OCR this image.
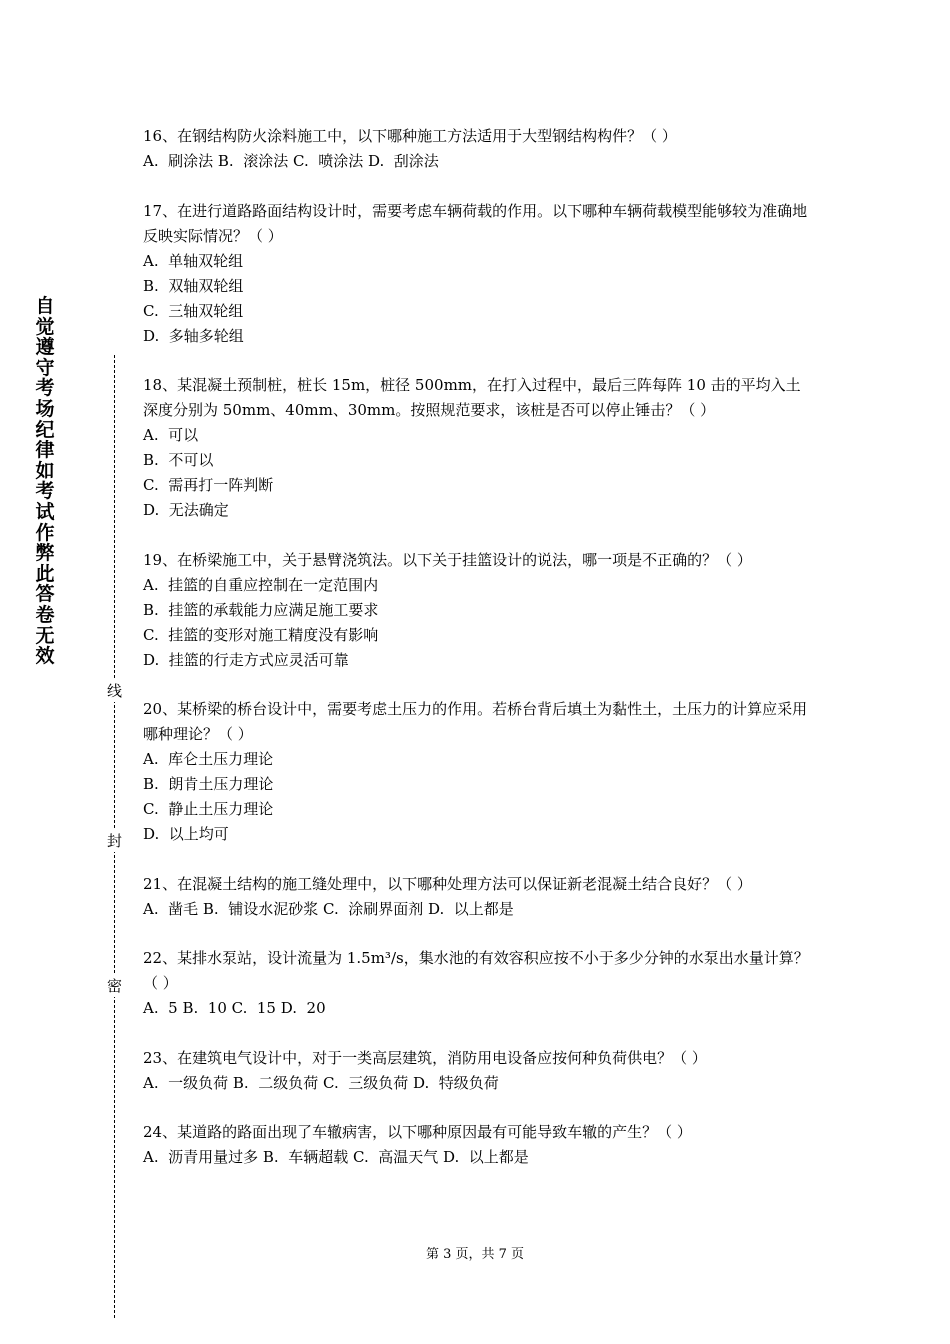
自
觉
遵
守
考
场
纪
律
如
考
试
作
弊
此
答
卷
无
效
线
封
密
16、在钢结构防火涂料施工中，以下哪种施工方法适用于大型钢结构构件？（ ）
A.  刷涂法 B.  滚涂法 C.  喷涂法 D.  刮涂法
17、在进行道路路面结构设计时，需要考虑车辆荷载的作用。以下哪种车辆荷载模型能够较为准确地反映实际情况？（ ）
A.  单轴双轮组
B.  双轴双轮组
C.  三轴双轮组
D.  多轴多轮组
18、某混凝土预制桩，桩长 15m，桩径 500mm，在打入过程中，最后三阵每阵 10 击的平均入土深度分别为 50mm、40mm、30mm。按照规范要求，该桩是否可以停止锤击？（ ）
A.  可以
B.  不可以
C.  需再打一阵判断
D.  无法确定
19、在桥梁施工中，关于悬臂浇筑法。以下关于挂篮设计的说法，哪一项是不正确的？（ ）
A.  挂篮的自重应控制在一定范围内
B.  挂篮的承载能力应满足施工要求
C.  挂篮的变形对施工精度没有影响
D.  挂篮的行走方式应灵活可靠
20、某桥梁的桥台设计中，需要考虑土压力的作用。若桥台背后填土为黏性土，土压力的计算应采用哪种理论？（ ）
A.  库仑土压力理论
B.  朗肯土压力理论
C.  静止土压力理论
D.  以上均可
21、在混凝土结构的施工缝处理中，以下哪种处理方法可以保证新老混凝土结合良好？（ ）
A.  凿毛 B.  铺设水泥砂浆 C.  涂刷界面剂 D.  以上都是
22、某排水泵站，设计流量为 1.5m³/s，集水池的有效容积应按不小于多少分钟的水泵出水量计算？（ ）
A.  5 B.  10 C.  15 D.  20
23、在建筑电气设计中，对于一类高层建筑，消防用电设备应按何种负荷供电？（ ）
A.  一级负荷 B.  二级负荷 C.  三级负荷 D.  特级负荷
24、某道路的路面出现了车辙病害，以下哪种原因最有可能导致车辙的产生？（ ）
A.  沥青用量过多 B.  车辆超载 C.  高温天气 D.  以上都是
第 3 页，共 7 页
